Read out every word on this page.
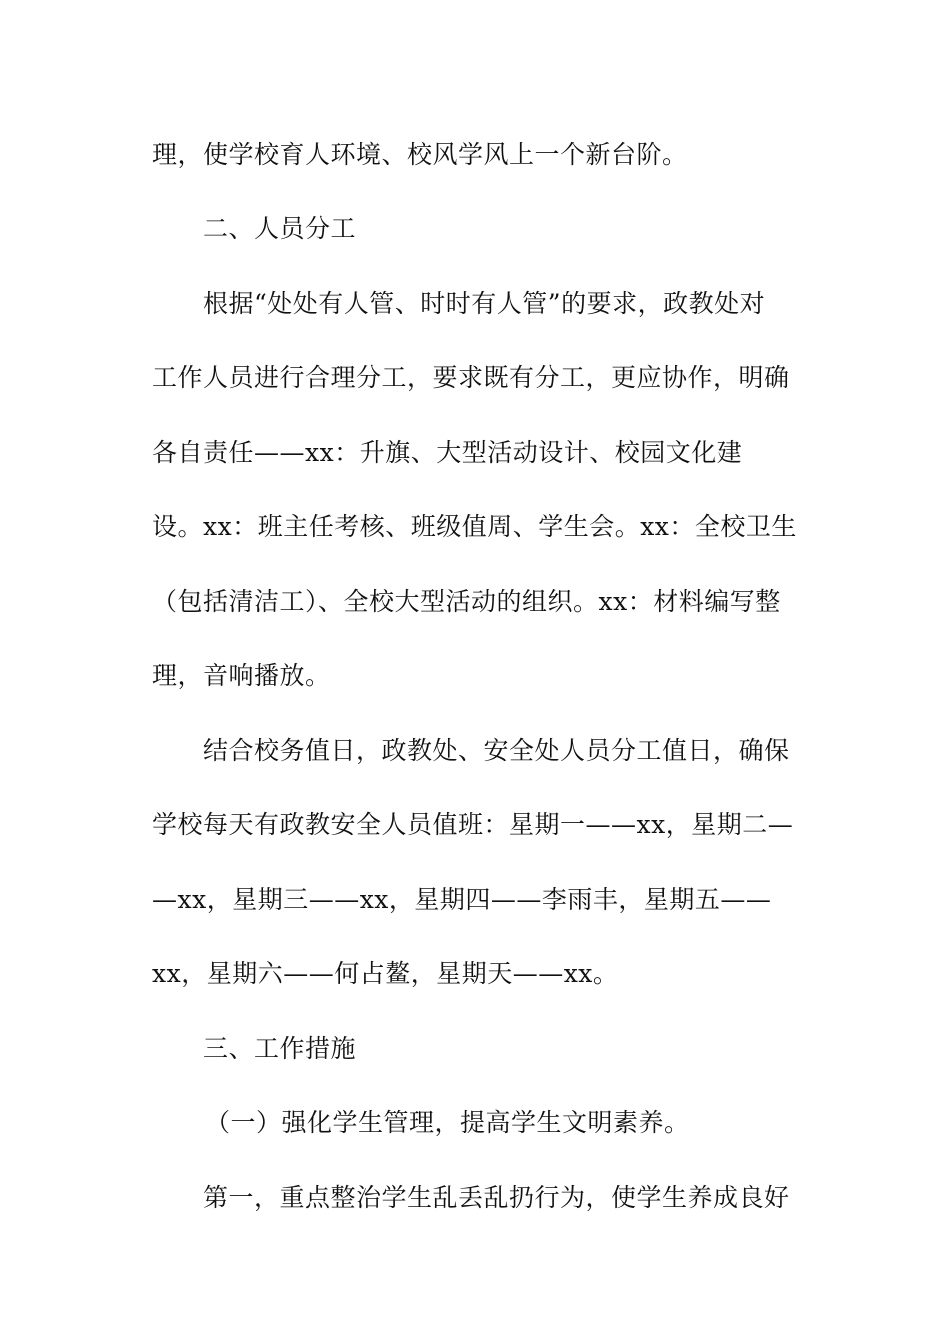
理，使学校育人环境、校风学风上一个新台阶。
二、人员分工
根据“处处有人管、时时有人管”的要求，政教处对
工作人员进行合理分工，要求既有分工，更应协作，明确
各自责任——xx：升旗、大型活动设计、校园文化建
设。xx：班主任考核、班级值周、学生会。xx：全校卫生
（包括清洁工）、全校大型活动的组织。xx：材料编写整
理，音响播放。
结合校务值日，政教处、安全处人员分工值日，确保
学校每天有政教安全人员值班：星期一——xx，星期二—
—xx，星期三——xx，星期四——李雨丰，星期五——
xx，星期六——何占鳌，星期天——xx。
三、工作措施
（一）强化学生管理，提高学生文明素养。
第一，重点整治学生乱丢乱扔行为，使学生养成良好
